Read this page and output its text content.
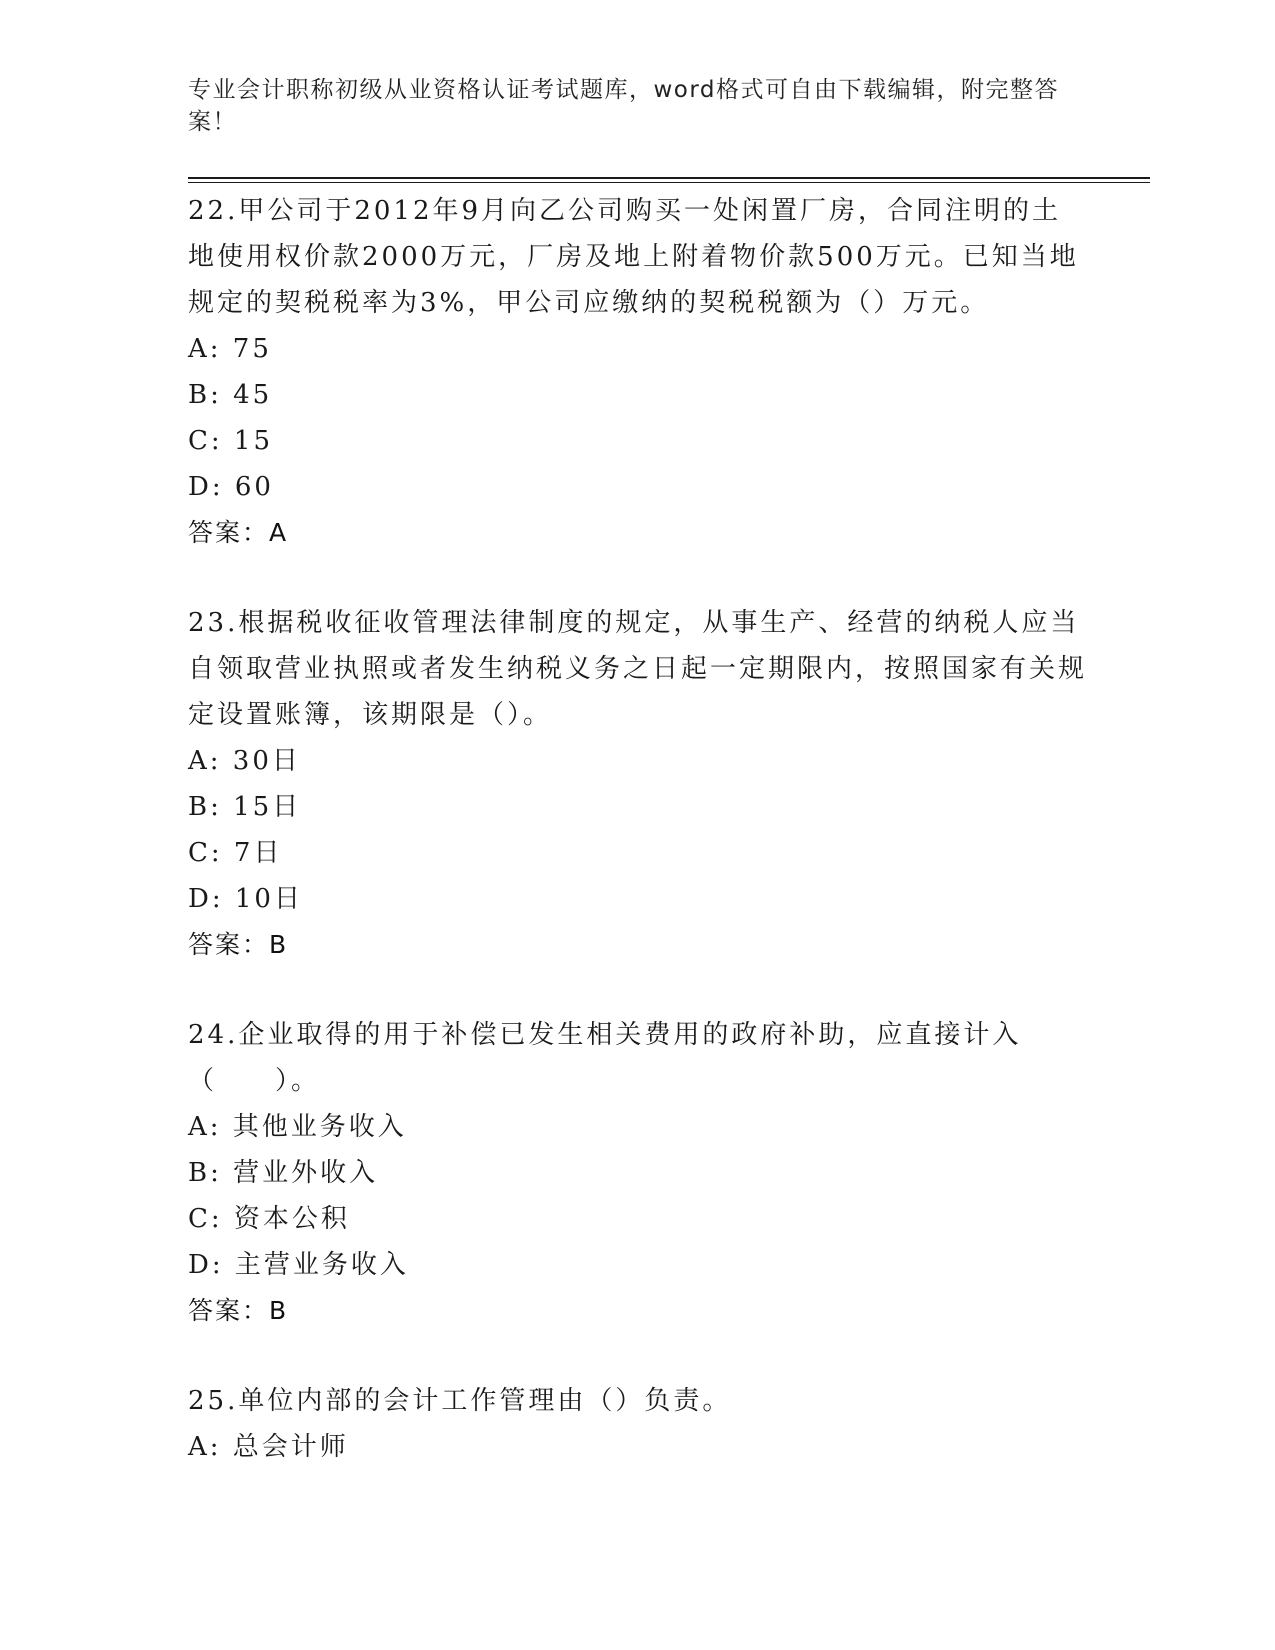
专业会计职称初级从业资格认证考试题库，word格式可自由下载编辑，附完整答案！

22.甲公司于2012年9月向乙公司购买一处闲置厂房，合同注明的土地使用权价款2000万元，厂房及地上附着物价款500万元。已知当地规定的契税税率为3%，甲公司应缴纳的契税税额为（）万元。

A: 75

B: 45

C: 15

D: 60

答案：A

23.根据税收征收管理法律制度的规定，从事生产、经营的纳税人应当自领取营业执照或者发生纳税义务之日起一定期限内，按照国家有关规定设置账簿，该期限是（）。

A: 30日

B: 15日

C: 7日

D: 10日

答案：B

24.企业取得的用于补偿已发生相关费用的政府补助，应直接计入（　　）。

A: 其他业务收入

B: 营业外收入

C: 资本公积

D: 主营业务收入

答案：B

25.单位内部的会计工作管理由（）负责。

A: 总会计师
